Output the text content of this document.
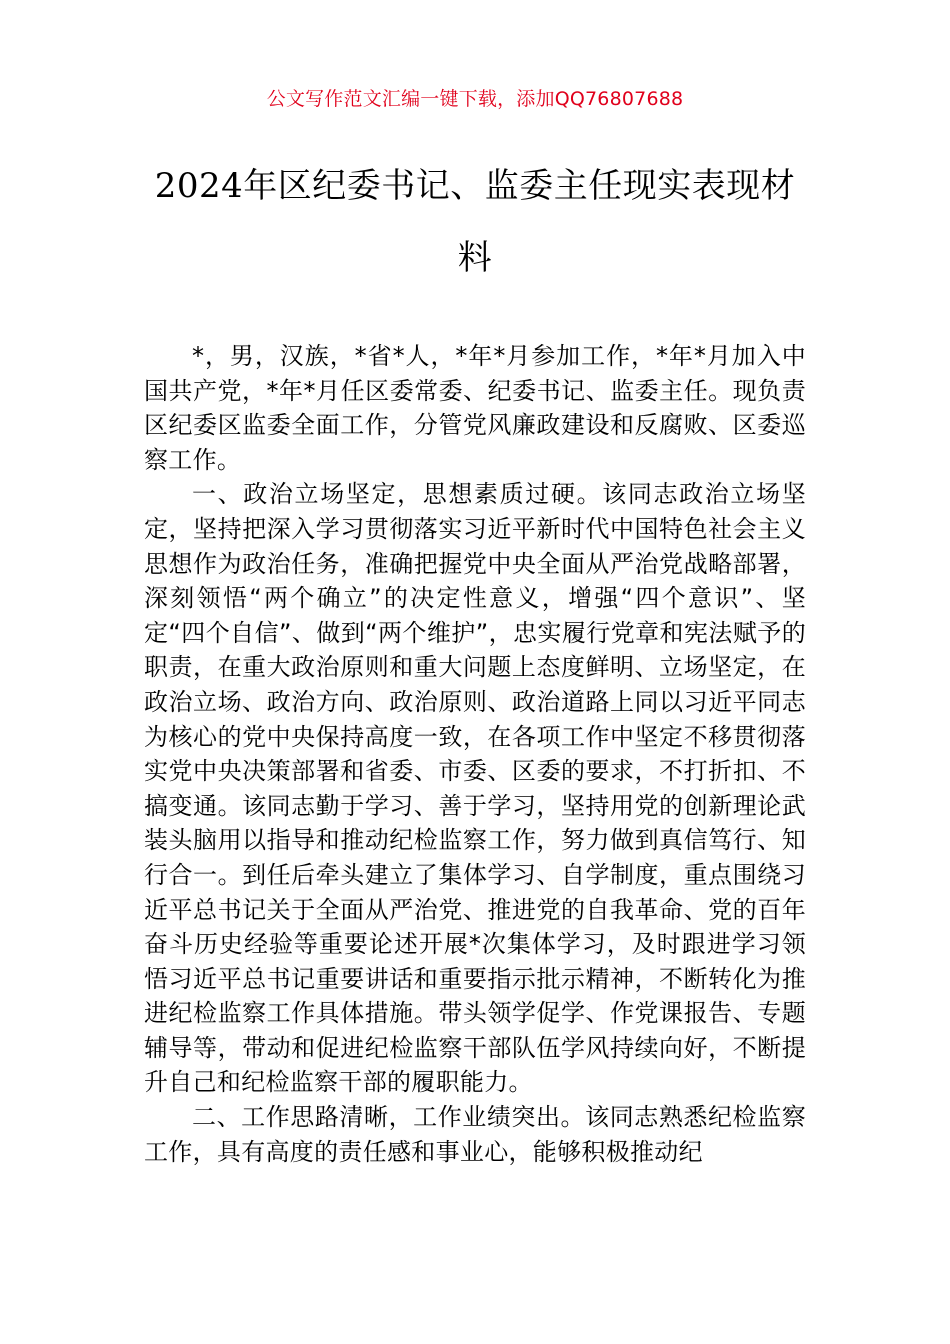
公文写作范文汇编一键下载，添加QQ76807688
2024年区纪委书记、监委主任现实表现材料

*，男，汉族，*省*人，*年*月参加工作，*年*月加入中国共产党，*年*月任区委常委、纪委书记、监委主任。现负责区纪委区监委全面工作，分管党风廉政建设和反腐败、区委巡察工作。

一、政治立场坚定，思想素质过硬。该同志政治立场坚定，坚持把深入学习贯彻落实习近平新时代中国特色社会主义思想作为政治任务，准确把握党中央全面从严治党战略部署，深刻领悟“两个确立”的决定性意义，增强“四个意识”、坚定“四个自信”、做到“两个维护”，忠实履行党章和宪法赋予的职责，在重大政治原则和重大问题上态度鲜明、立场坚定，在政治立场、政治方向、政治原则、政治道路上同以习近平同志为核心的党中央保持高度一致，在各项工作中坚定不移贯彻落实党中央决策部署和省委、市委、区委的要求，不打折扣、不搞变通。该同志勤于学习、善于学习，坚持用党的创新理论武装头脑用以指导和推动纪检监察工作，努力做到真信笃行、知行合一。到任后牵头建立了集体学习、自学制度，重点围绕习近平总书记关于全面从严治党、推进党的自我革命、党的百年奋斗历史经验等重要论述开展*次集体学习，及时跟进学习领悟习近平总书记重要讲话和重要指示批示精神，不断转化为推进纪检监察工作具体措施。带头领学促学、作党课报告、专题辅导等，带动和促进纪检监察干部队伍学风持续向好，不断提升自己和纪检监察干部的履职能力。

二、工作思路清晰，工作业绩突出。该同志熟悉纪检监察工作，具有高度的责任感和事业心，能够积极推动纪
